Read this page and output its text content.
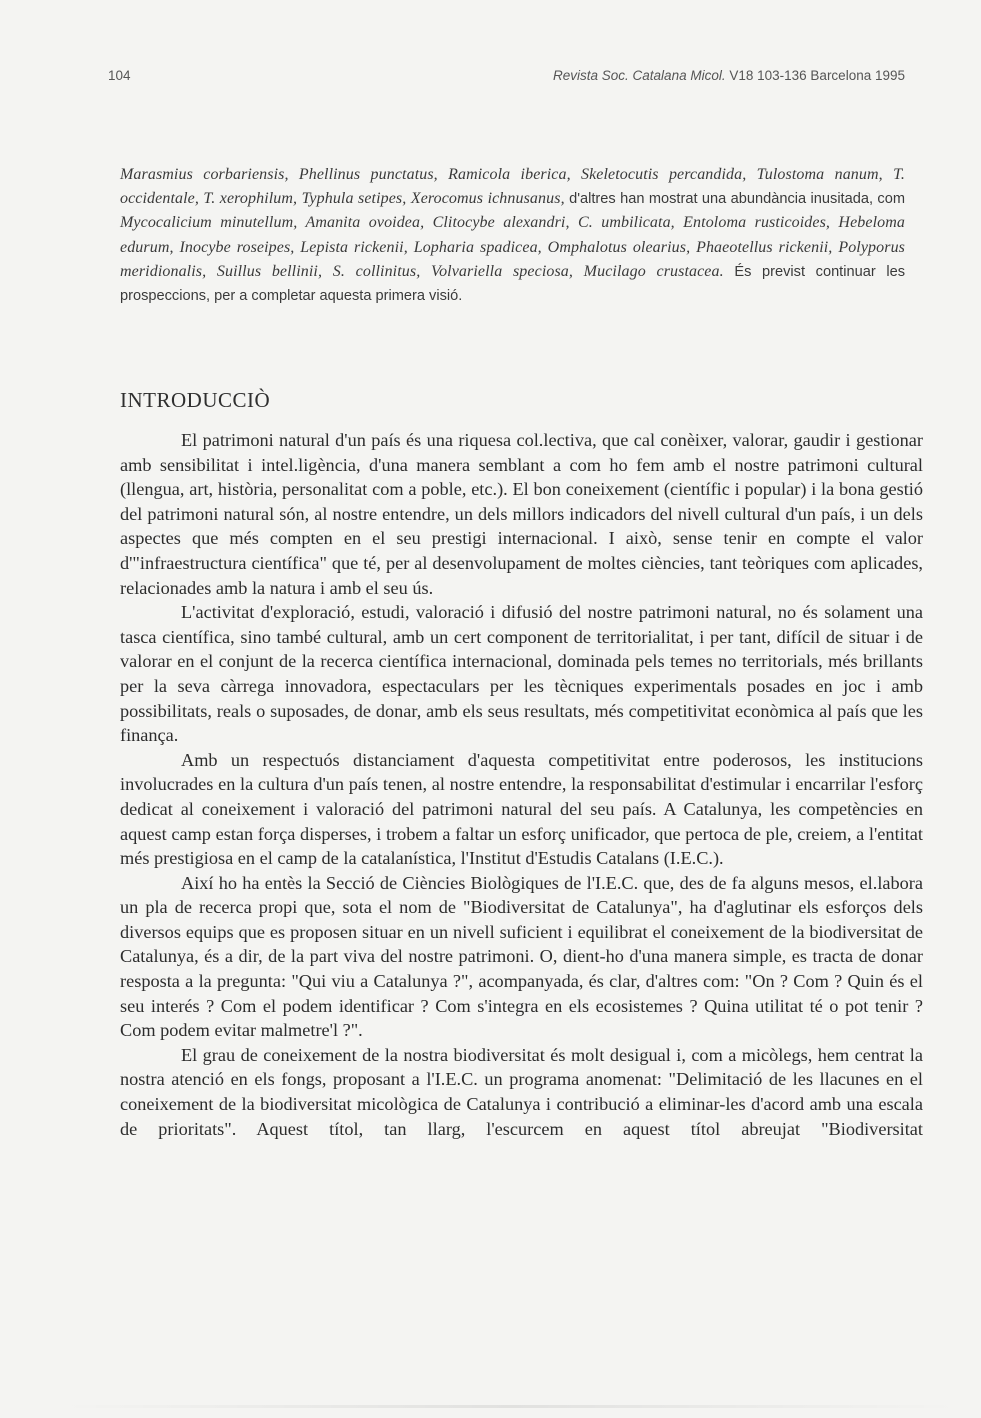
104	Revista Soc. Catalana Micol. V18 103-136 Barcelona 1995

Marasmius corbariensis, Phellinus punctatus, Ramicola iberica, Skeletocutis percandida, Tulostoma nanum, T. occidentale, T. xerophilum, Typhula setipes, Xerocomus ichnusanus, d'altres han mostrat una abundància inusitada, com Mycocalicium minutellum, Amanita ovoidea, Clitocybe alexandri, C. umbilicata, Entoloma rusticoides, Hebeloma edurum, Inocybe roseipes, Lepista rickenii, Lopharia spadicea, Omphalotus olearius, Phaeotellus rickenii, Polyporus meridionalis, Suillus bellinii, S. collinitus, Volvariella speciosa, Mucilago crustacea. És previst continuar les prospeccions, per a completar aquesta primera visió.

INTRODUCCIÒ

El patrimoni natural d'un país és una riquesa col.lectiva, que cal conèixer, valorar, gaudir i gestionar amb sensibilitat i intel.ligència, d'una manera semblant a com ho fem amb el nostre patrimoni cultural (llengua, art, història, personalitat com a poble, etc.). El bon coneixement (científic i popular) i la bona gestió del patrimoni natural són, al nostre entendre, un dels millors indicadors del nivell cultural d'un país, i un dels aspectes que més compten en el seu prestigi internacional. I això, sense tenir en compte el valor d'"infraestructura científica" que té, per al desenvolupament de moltes ciències, tant teòriques com aplicades, relacionades amb la natura i amb el seu ús.

L'activitat d'exploració, estudi, valoració i difusió del nostre patrimoni natural, no és solament una tasca científica, sino també cultural, amb un cert component de territorialitat, i per tant, difícil de situar i de valorar en el conjunt de la recerca científica internacional, dominada pels temes no territorials, més brillants per la seva càrrega innovadora, espectaculars per les tècniques experimentals posades en joc i amb possibilitats, reals o suposades, de donar, amb els seus resultats, més competitivitat econòmica al país que les finança.

Amb un respectuós distanciament d'aquesta competitivitat entre poderosos, les institucions involucrades en la cultura d'un país tenen, al nostre entendre, la responsabilitat d'estimular i encarrilar l'esforç dedicat al coneixement i valoració del patrimoni natural del seu país. A Catalunya, les competències en aquest camp estan força disperses, i trobem a faltar un esforç unificador, que pertoca de ple, creiem, a l'entitat més prestigiosa en el camp de la catalanística, l'Institut d'Estudis Catalans (I.E.C.).

Així ho ha entès la Secció de Ciències Biològiques de l'I.E.C. que, des de fa alguns mesos, el.labora un pla de recerca propi que, sota el nom de "Biodiversitat de Catalunya", ha d'aglutinar els esforços dels diversos equips que es proposen situar en un nivell suficient i equilibrat el coneixement de la biodiversitat de Catalunya, és a dir, de la part viva del nostre patrimoni. O, dient-ho d'una manera simple, es tracta de donar resposta a la pregunta: "Qui viu a Catalunya ?", acompanyada, és clar, d'altres com: "On ? Com ? Quin és el seu interés ? Com el podem identificar ? Com s'integra en els ecosistemes ? Quina utilitat té o pot tenir ? Com podem evitar malmetre'l ?".

El grau de coneixement de la nostra biodiversitat és molt desigual i, com a micòlegs, hem centrat la nostra atenció en els fongs, proposant a l'I.E.C. un programa anomenat: "Delimitació de les llacunes en el coneixement de la biodiversitat micològica de Catalunya i contribució a eliminar-les d'acord amb una escala de prioritats". Aquest títol, tan llarg, l'escurcem en aquest títol abreujat "Biodiversitat
